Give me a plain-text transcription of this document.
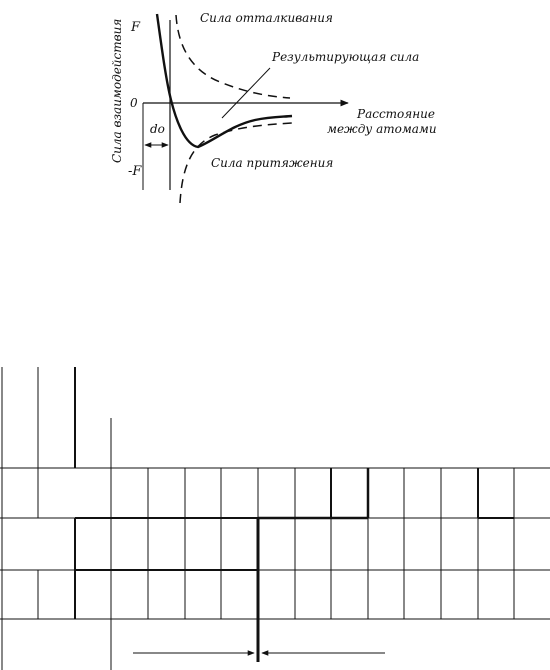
F
0
-F
do
Сила взаимодействия
Сила отталкивания
Результирующая сила
Сила притяжения
Расстояние
между атомами
